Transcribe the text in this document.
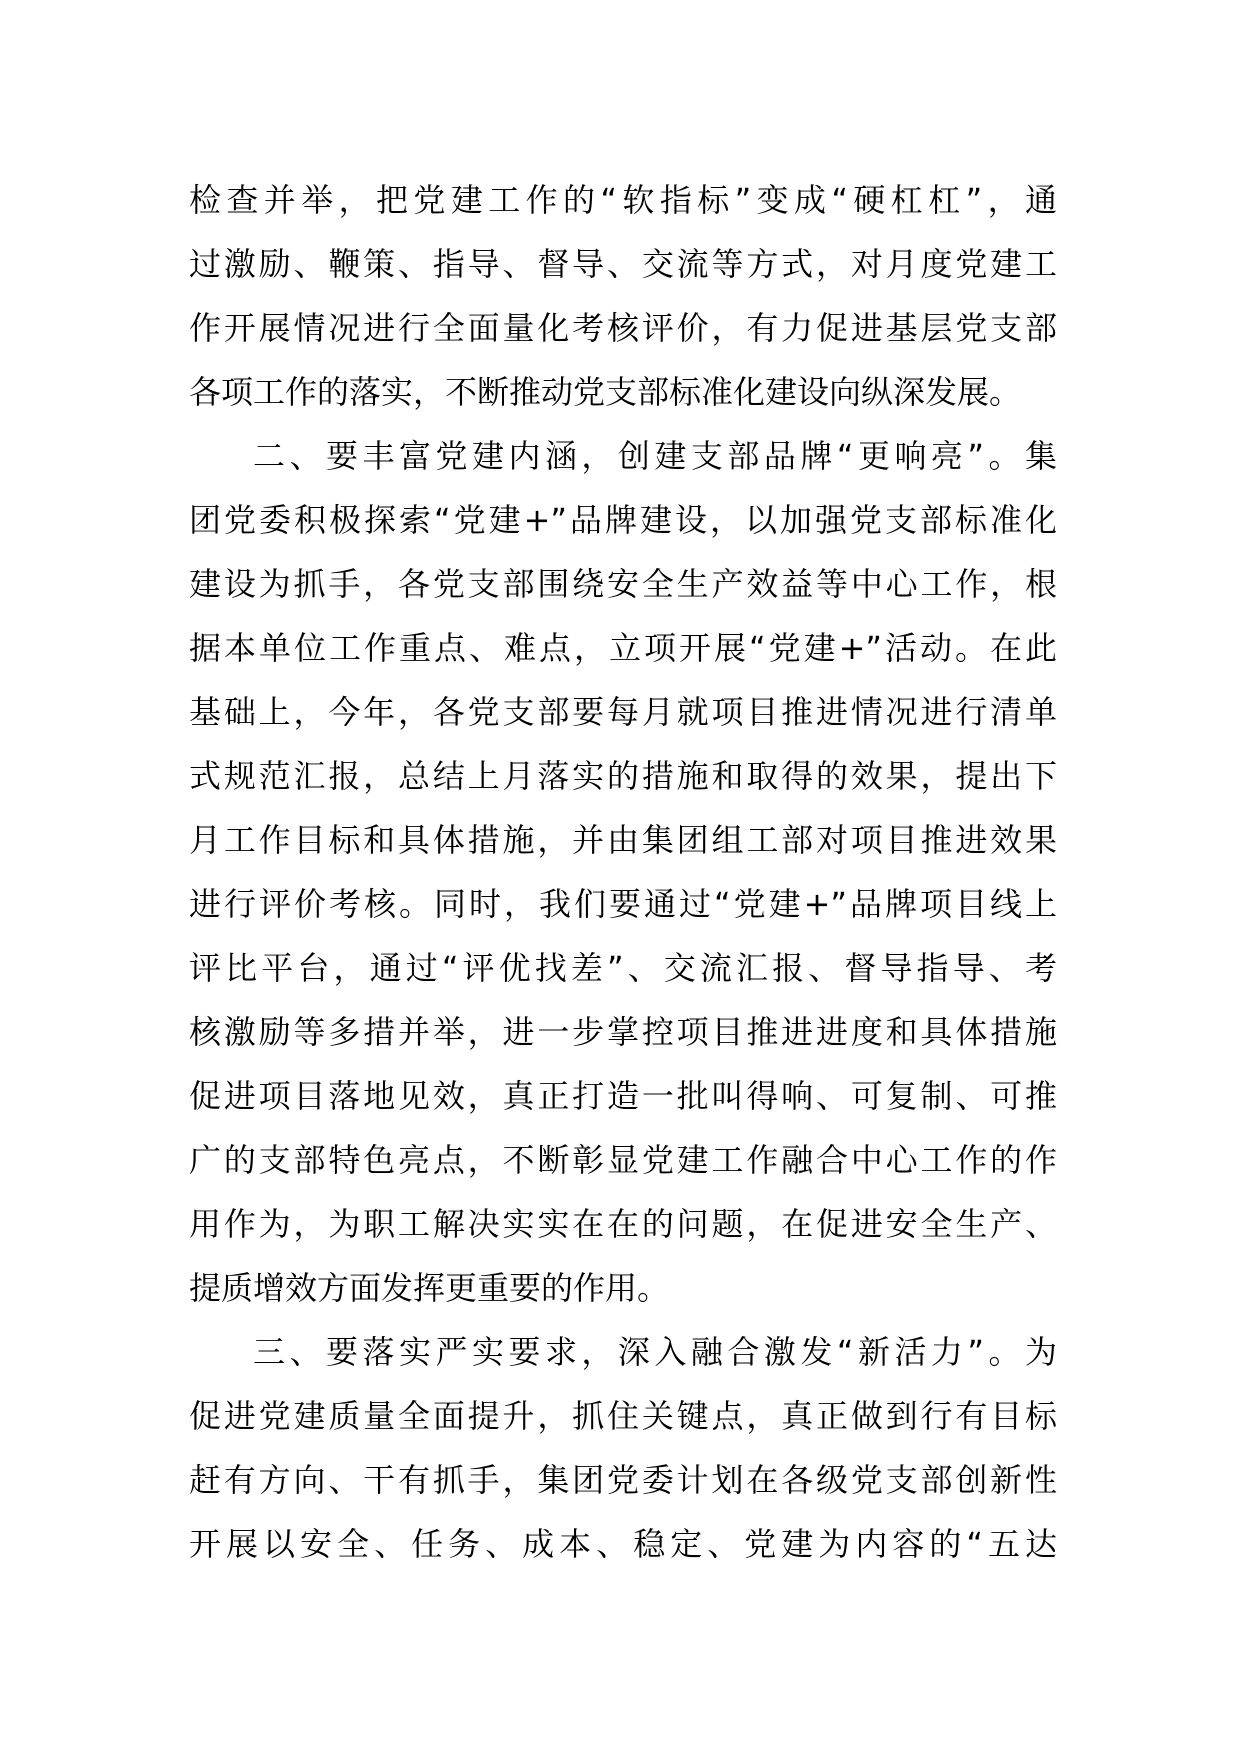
检查并举，把党建工作的“软指标”变成“硬杠杠”，通
过激励、鞭策、指导、督导、交流等方式，对月度党建工
作开展情况进行全面量化考核评价，有力促进基层党支部
各项工作的落实，不断推动党支部标准化建设向纵深发展。
二、要丰富党建内涵，创建支部品牌“更响亮”。集
团党委积极探索“党建+”品牌建设，以加强党支部标准化
建设为抓手，各党支部围绕安全生产效益等中心工作，根
据本单位工作重点、难点，立项开展“党建+”活动。在此
基础上，今年，各党支部要每月就项目推进情况进行清单
式规范汇报，总结上月落实的措施和取得的效果，提出下
月工作目标和具体措施，并由集团组工部对项目推进效果
进行评价考核。同时，我们要通过“党建+”品牌项目线上
评比平台，通过“评优找差”、交流汇报、督导指导、考
核激励等多措并举，进一步掌控项目推进进度和具体措施
促进项目落地见效，真正打造一批叫得响、可复制、可推
广的支部特色亮点，不断彰显党建工作融合中心工作的作
用作为，为职工解决实实在在的问题，在促进安全生产、
提质增效方面发挥更重要的作用。
三、要落实严实要求，深入融合激发“新活力”。为
促进党建质量全面提升，抓住关键点，真正做到行有目标
赶有方向、干有抓手，集团党委计划在各级党支部创新性
开展以安全、任务、成本、稳定、党建为内容的“五达
